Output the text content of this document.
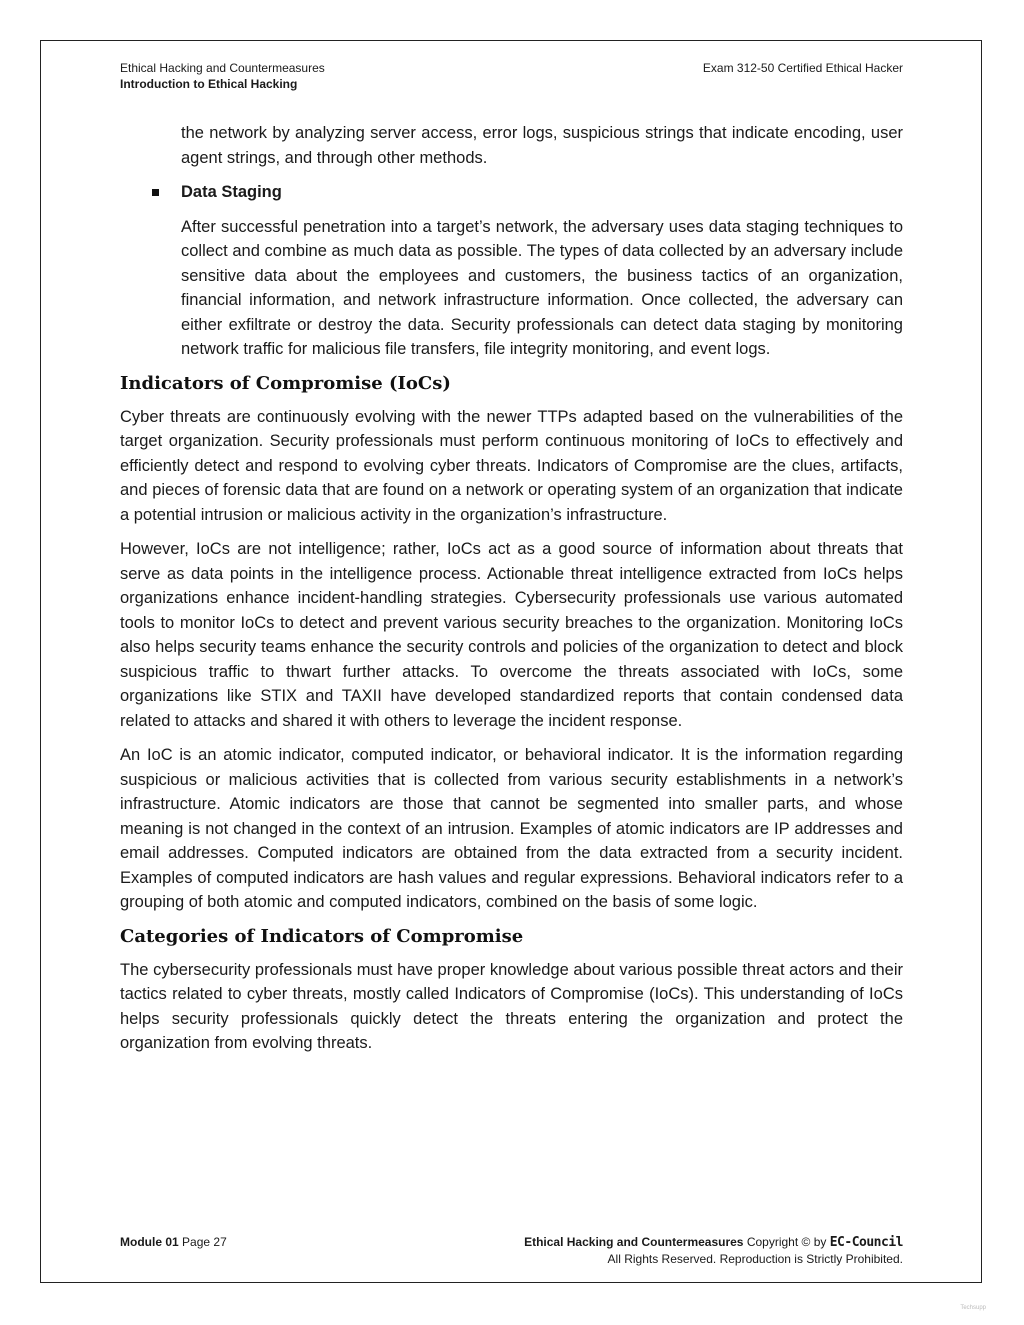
Ethical Hacking and Countermeasures
Introduction to Ethical Hacking
Exam 312-50 Certified Ethical Hacker

the network by analyzing server access, error logs, suspicious strings that indicate encoding, user agent strings, and through other methods.

Data Staging

After successful penetration into a target’s network, the adversary uses data staging techniques to collect and combine as much data as possible. The types of data collected by an adversary include sensitive data about the employees and customers, the business tactics of an organization, financial information, and network infrastructure information. Once collected, the adversary can either exfiltrate or destroy the data. Security professionals can detect data staging by monitoring network traffic for malicious file transfers, file integrity monitoring, and event logs.

Indicators of Compromise (IoCs)

Cyber threats are continuously evolving with the newer TTPs adapted based on the vulnerabilities of the target organization. Security professionals must perform continuous monitoring of IoCs to effectively and efficiently detect and respond to evolving cyber threats. Indicators of Compromise are the clues, artifacts, and pieces of forensic data that are found on a network or operating system of an organization that indicate a potential intrusion or malicious activity in the organization’s infrastructure.

However, IoCs are not intelligence; rather, IoCs act as a good source of information about threats that serve as data points in the intelligence process. Actionable threat intelligence extracted from IoCs helps organizations enhance incident-handling strategies. Cybersecurity professionals use various automated tools to monitor IoCs to detect and prevent various security breaches to the organization. Monitoring IoCs also helps security teams enhance the security controls and policies of the organization to detect and block suspicious traffic to thwart further attacks. To overcome the threats associated with IoCs, some organizations like STIX and TAXII have developed standardized reports that contain condensed data related to attacks and shared it with others to leverage the incident response.

An IoC is an atomic indicator, computed indicator, or behavioral indicator. It is the information regarding suspicious or malicious activities that is collected from various security establishments in a network’s infrastructure. Atomic indicators are those that cannot be segmented into smaller parts, and whose meaning is not changed in the context of an intrusion. Examples of atomic indicators are IP addresses and email addresses. Computed indicators are obtained from the data extracted from a security incident. Examples of computed indicators are hash values and regular expressions. Behavioral indicators refer to a grouping of both atomic and computed indicators, combined on the basis of some logic.

Categories of Indicators of Compromise

The cybersecurity professionals must have proper knowledge about various possible threat actors and their tactics related to cyber threats, mostly called Indicators of Compromise (IoCs). This understanding of IoCs helps security professionals quickly detect the threats entering the organization and protect the organization from evolving threats.

Module 01 Page 27	Ethical Hacking and Countermeasures Copyright © by EC-Council
All Rights Reserved. Reproduction is Strictly Prohibited.
Techsupp
